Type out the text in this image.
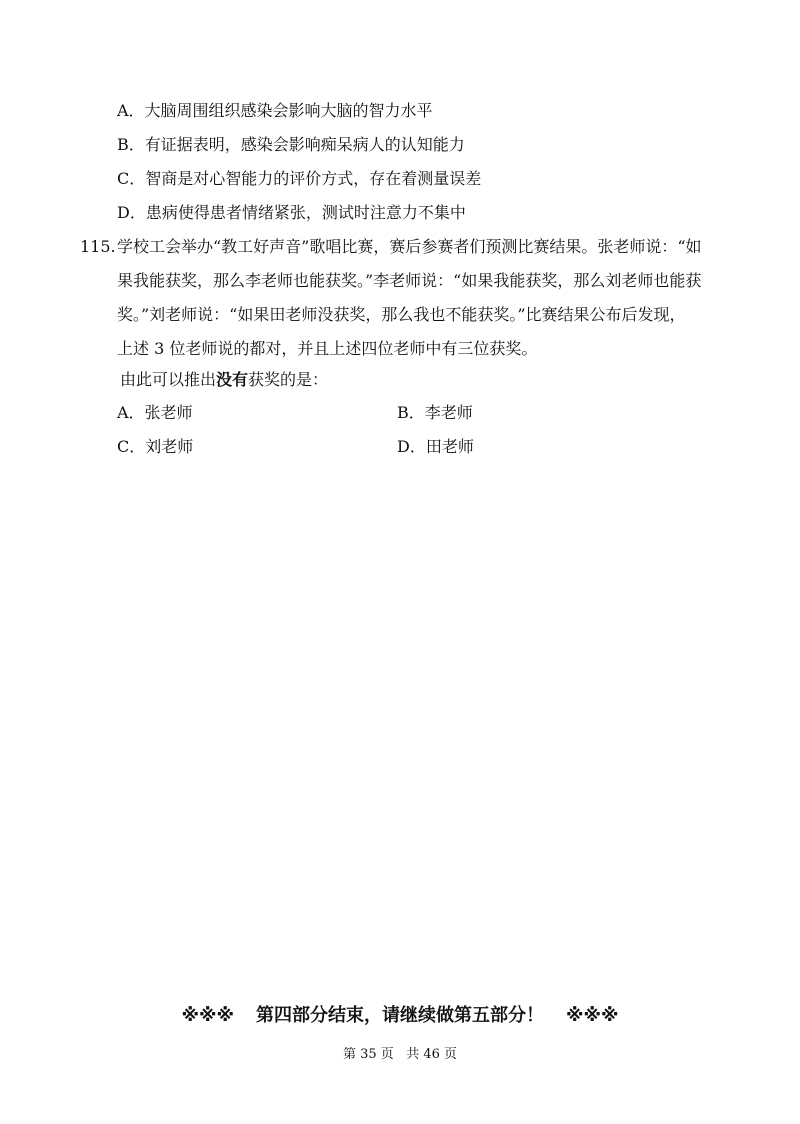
A．大脑周围组织感染会影响大脑的智力水平
B．有证据表明，感染会影响痴呆病人的认知能力
C．智商是对心智能力的评价方式，存在着测量误差
D．患病使得患者情绪紧张，测试时注意力不集中
115. 学校工会举办“教工好声音”歌唱比赛，赛后参赛者们预测比赛结果。张老师说：“如
果我能获奖，那么李老师也能获奖。”李老师说：“如果我能获奖，那么刘老师也能获
奖。”刘老师说：“如果田老师没获奖，那么我也不能获奖。”比赛结果公布后发现，
上述 3 位老师说的都对，并且上述四位老师中有三位获奖。
由此可以推出没有获奖的是：
A．张老师	B．李老师
C．刘老师	D．田老师
※※※ 第四部分结束，请继续做第五部分！ ※※※
第 35 页   共 46 页
